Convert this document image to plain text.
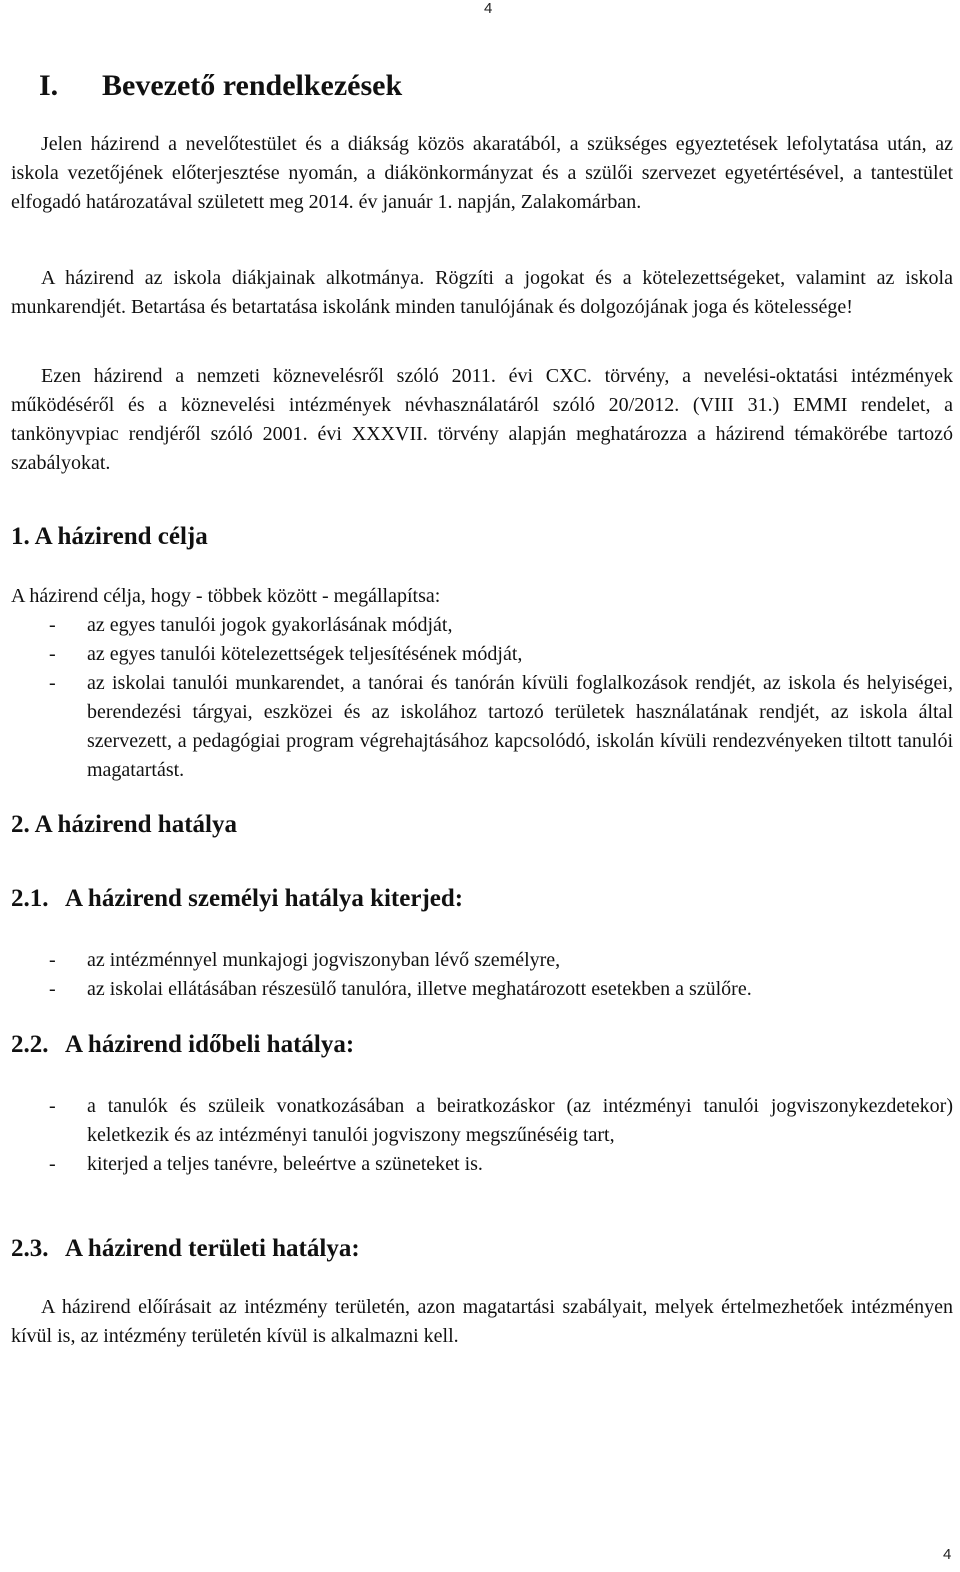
4
I. Bevezető rendelkezések

Jelen házirend a nevelőtestület és a diákság közös akaratából, a szükséges egyeztetések lefolytatása után, az iskola vezetőjének előterjesztése nyomán, a diákönkormányzat és a szülői szervezet egyetértésével, a tantestület elfogadó határozatával született meg 2014. év január 1. napján, Zalakomárban.

A házirend az iskola diákjainak alkotmánya. Rögzíti a jogokat és a kötelezettségeket, valamint az iskola munkarendjét. Betartása és betartatása iskolánk minden tanulójának és dolgozójának joga és kötelessége!

Ezen házirend a nemzeti köznevelésről szóló 2011. évi CXC. törvény, a nevelési-oktatási intézmények működéséről és a köznevelési intézmények névhasználatáról szóló 20/2012. (VIII 31.) EMMI rendelet, a tankönyvpiac rendjéről szóló 2001. évi XXXVII. törvény alapján meghatározza a házirend témakörébe tartozó szabályokat.

1. A házirend célja

A házirend célja, hogy - többek között - megállapítsa:

- az egyes tanulói jogok gyakorlásának módját,
- az egyes tanulói kötelezettségek teljesítésének módját,
- az iskolai tanulói munkarendet, a tanórai és tanórán kívüli foglalkozások rendjét, az iskola és helyiségei, berendezési tárgyai, eszközei és az iskolához tartozó területek használatának rendjét, az iskola által szervezett, a pedagógiai program végrehajtásához kapcsolódó, iskolán kívüli rendezvényeken tiltott tanulói magatartást.
2. A házirend hatálya
2.1. A házirend személyi hatálya kiterjed:
- az intézménnyel munkajogi jogviszonyban lévő személyre,
- az iskolai ellátásában részesülő tanulóra, illetve meghatározott esetekben a szülőre.
2.2. A házirend időbeli hatálya:
- a tanulók és szüleik vonatkozásában a beiratkozáskor (az intézményi tanulói jogviszonykezdetekor) keletkezik és az intézményi tanulói jogviszony megszűnéséig tart,
- kiterjed a teljes tanévre, beleértve a szüneteket is.
2.3. A házirend területi hatálya:

A házirend előírásait az intézmény területén, azon magatartási szabályait, melyek értelmezhetőek intézményen kívül is, az intézmény területén kívül is alkalmazni kell.

4
